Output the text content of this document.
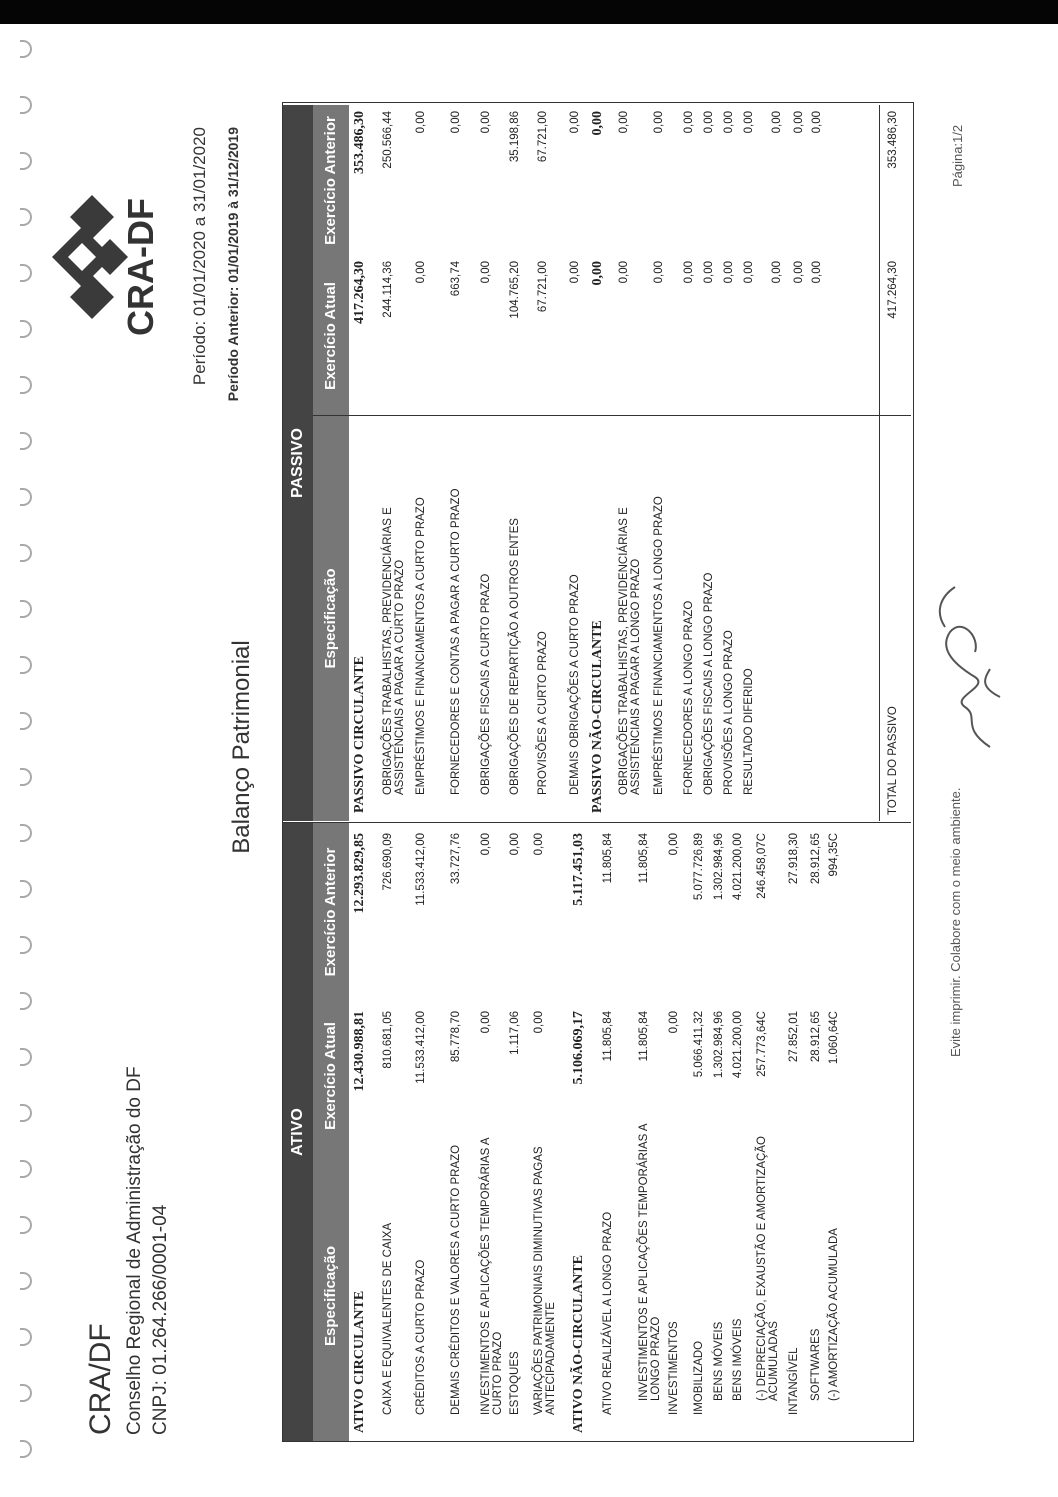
CRA/DF Conselho Regional de Administração do DF CNPJ: 01.264.266/0001-04
Balanço Patrimonial
Período: 01/01/2020 a 31/01/2020 Período Anterior: 01/01/2019 à 31/12/2019
CRA-DF
ATIVO
Especificação
Exercício Atual
Exercício Anterior
ATIVO CIRCULANTE
12.430.988,81
12.293.829,85
CAIXA E EQUIVALENTES DE CAIXA
810.681,05
726.690,09
CRÉDITOS A CURTO PRAZO
11.533.412,00
11.533.412,00
DEMAIS CRÉDITOS E VALORES A CURTO PRAZO
85.778,70
33.727,76
INVESTIMENTOS E APLICAÇÕES TEMPORÁRIAS A CURTO PRAZO
0,00
0,00
ESTOQUES
1.117,06
0,00
VARIAÇÕES PATRIMONIAIS DIMINUTIVAS PAGAS ANTECIPADAMENTE
0,00
0,00
ATIVO NÃO-CIRCULANTE
5.106.069,17
5.117.451,03
ATIVO REALIZÁVEL A LONGO PRAZO
11.805,84
11.805,84
INVESTIMENTOS E APLICAÇÕES TEMPORÁRIAS A LONGO PRAZO
11.805,84
11.805,84
INVESTIMENTOS
0,00
0,00
IMOBILIZADO
5.066.411,32
5.077.726,89
BENS MÓVEIS
1.302.984,96
1.302.984,96
BENS IMÓVEIS
4.021.200,00
4.021.200,00
(-) DEPRECIAÇÃO, EXAUSTÃO E AMORTIZAÇÃO ACUMULADAS
257.773,64C
246.458,07C
INTANGÍVEL
27.852,01
27.918,30
SOFTWARES
28.912,65
28.912,65
(-) AMORTIZAÇÃO ACUMULADA
1.060,64C
994,35C
PASSIVO
Especificação
Exercício Atual
Exercício Anterior
TOTAL DO PASSIVO
417.264,30
353.486,30
PASSIVO CIRCULANTE
417.264,30
353.486,30
OBRIGAÇÕES TRABALHISTAS, PREVIDENCIÁRIAS E ASSISTENCIAIS A PAGAR A CURTO PRAZO
244.114,36
250.566,44
EMPRÉSTIMOS E FINANCIAMENTOS A CURTO PRAZO
0,00
0,00
FORNECEDORES E CONTAS A PAGAR A CURTO PRAZO
663,74
0,00
OBRIGAÇÕES FISCAIS A CURTO PRAZO
0,00
0,00
OBRIGAÇÕES DE REPARTIÇÃO A OUTROS ENTES
104.765,20
35.198,86
PROVISÕES A CURTO PRAZO
67.721,00
67.721,00
DEMAIS OBRIGAÇÕES A CURTO PRAZO
0,00
0,00
PASSIVO NÃO-CIRCULANTE
0,00
0,00
OBRIGAÇÕES TRABALHISTAS, PREVIDENCIÁRIAS E ASSISTENCIAIS A PAGAR A LONGO PRAZO
0,00
0,00
EMPRÉSTIMOS E FINANCIAMENTOS A LONGO PRAZO
0,00
0,00
FORNECEDORES A LONGO PRAZO
0,00
0,00
OBRIGAÇÕES FISCAIS A LONGO PRAZO
0,00
0,00
PROVISÕES A LONGO PRAZO
0,00
0,00
RESULTADO DIFERIDO
0,00
0,00
0,00
0,00
0,00
0,00
0,00
0,00
Evite imprimir. Colabore com o meio ambiente.
Página:1/2
